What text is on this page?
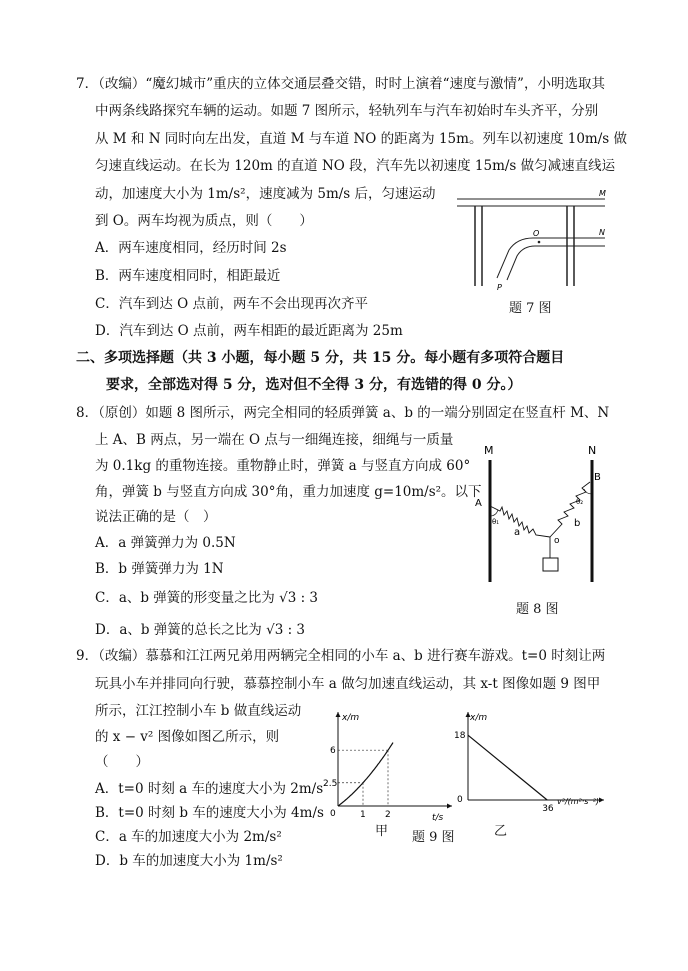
7．（改编）“魔幻城市”重庆的立体交通层叠交错，时时上演着“速度与激情”，小明选取其
中两条线路探究车辆的运动。如题 7 图所示，轻轨列车与汽车初始时车头齐平，分别
从 M 和 N 同时向左出发，直道 M 与车道 NO 的距离为 15m。列车以初速度 10m/s 做
匀速直线运动。在长为 120m 的直道 NO 段，汽车先以初速度 15m/s 做匀减速直线运
动，加速度大小为 1m/s²，速度减为 5m/s 后，匀速运动
到 O。两车均视为质点，则（　　）
A．两车速度相同，经历时间 2s
B．两车速度相同时，相距最近
C．汽车到达 O 点前，两车不会出现再次齐平
D．汽车到达 O 点前，两车相距的最近距离为 25m
O
M
N
P
题 7 图
二、多项选择题（共 3 小题，每小题 5 分，共 15 分。每小题有多项符合题目
要求，全部选对得 5 分，选对但不全得 3 分，有选错的得 0 分。）
8．（原创）如题 8 图所示，两完全相同的轻质弹簧 a、b 的一端分别固定在竖直杆 M、N
上 A、B 两点，另一端在 O 点与一细绳连接，细绳与一质量
为 0.1kg 的重物连接。重物静止时，弹簧 a 与竖直方向成 60°
角，弹簧 b 与竖直方向成 30°角，重力加速度 g=10m/s²。以下
说法正确的是（　）
A．a 弹簧弹力为 0.5N
B．b 弹簧弹力为 1N
C．a、b 弹簧的形变量之比为 √3 : 3
D．a、b 弹簧的总长之比为 √3 : 3
M	N
A
B
θ₁
θ₂
a
b
o
题 8 图
9．（改编）慕慕和江江两兄弟用两辆完全相同的小车 a、b 进行赛车游戏。t=0 时刻让两
玩具小车并排同向行驶，慕慕控制小车 a 做匀加速直线运动，其 x-t 图像如题 9 图甲
所示，江江控制小车 b 做直线运动
的 x − v² 图像如图乙所示，则
（　　）
A．t=0 时刻 a 车的速度大小为 2m/s
B．t=0 时刻 b 车的速度大小为 4m/s
C．a 车的加速度大小为 2m/s²
D．b 车的加速度大小为 1m/s²
x/m
t/s
0	1 2
2.5
6
甲
x/m
v²/(m²·s⁻²)
0
18
36
乙
题 9 图
